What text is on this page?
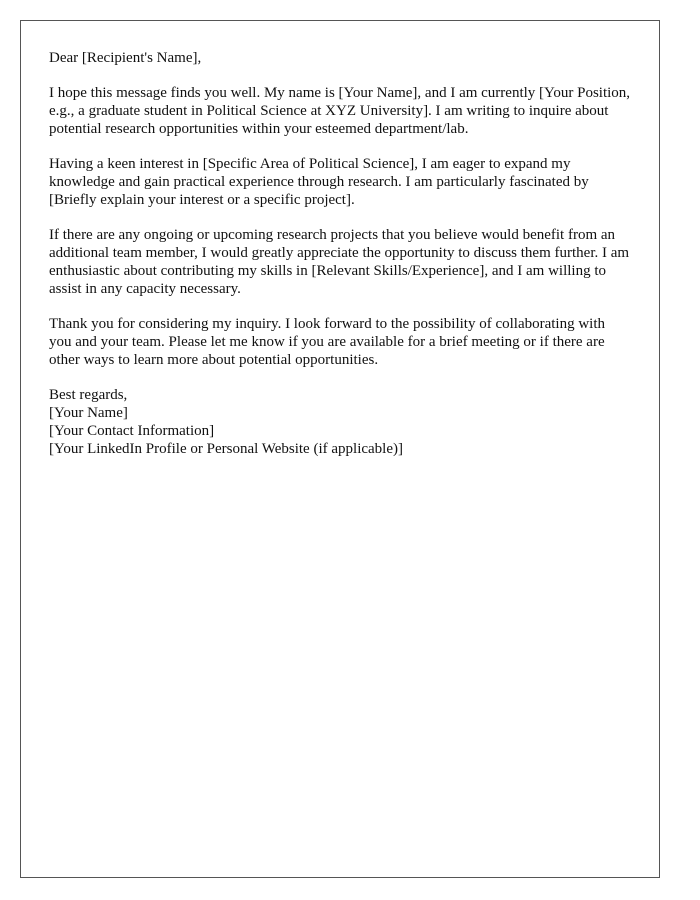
Dear [Recipient's Name],

I hope this message finds you well. My name is [Your Name], and I am currently [Your Position, e.g., a graduate student in Political Science at XYZ University]. I am writing to inquire about potential research opportunities within your esteemed department/lab.

Having a keen interest in [Specific Area of Political Science], I am eager to expand my knowledge and gain practical experience through research. I am particularly fascinated by [Briefly explain your interest or a specific project].

If there are any ongoing or upcoming research projects that you believe would benefit from an additional team member, I would greatly appreciate the opportunity to discuss them further. I am enthusiastic about contributing my skills in [Relevant Skills/Experience], and I am willing to assist in any capacity necessary.

Thank you for considering my inquiry. I look forward to the possibility of collaborating with you and your team. Please let me know if you are available for a brief meeting or if there are other ways to learn more about potential opportunities.

Best regards,
[Your Name]
[Your Contact Information]
[Your LinkedIn Profile or Personal Website (if applicable)]
